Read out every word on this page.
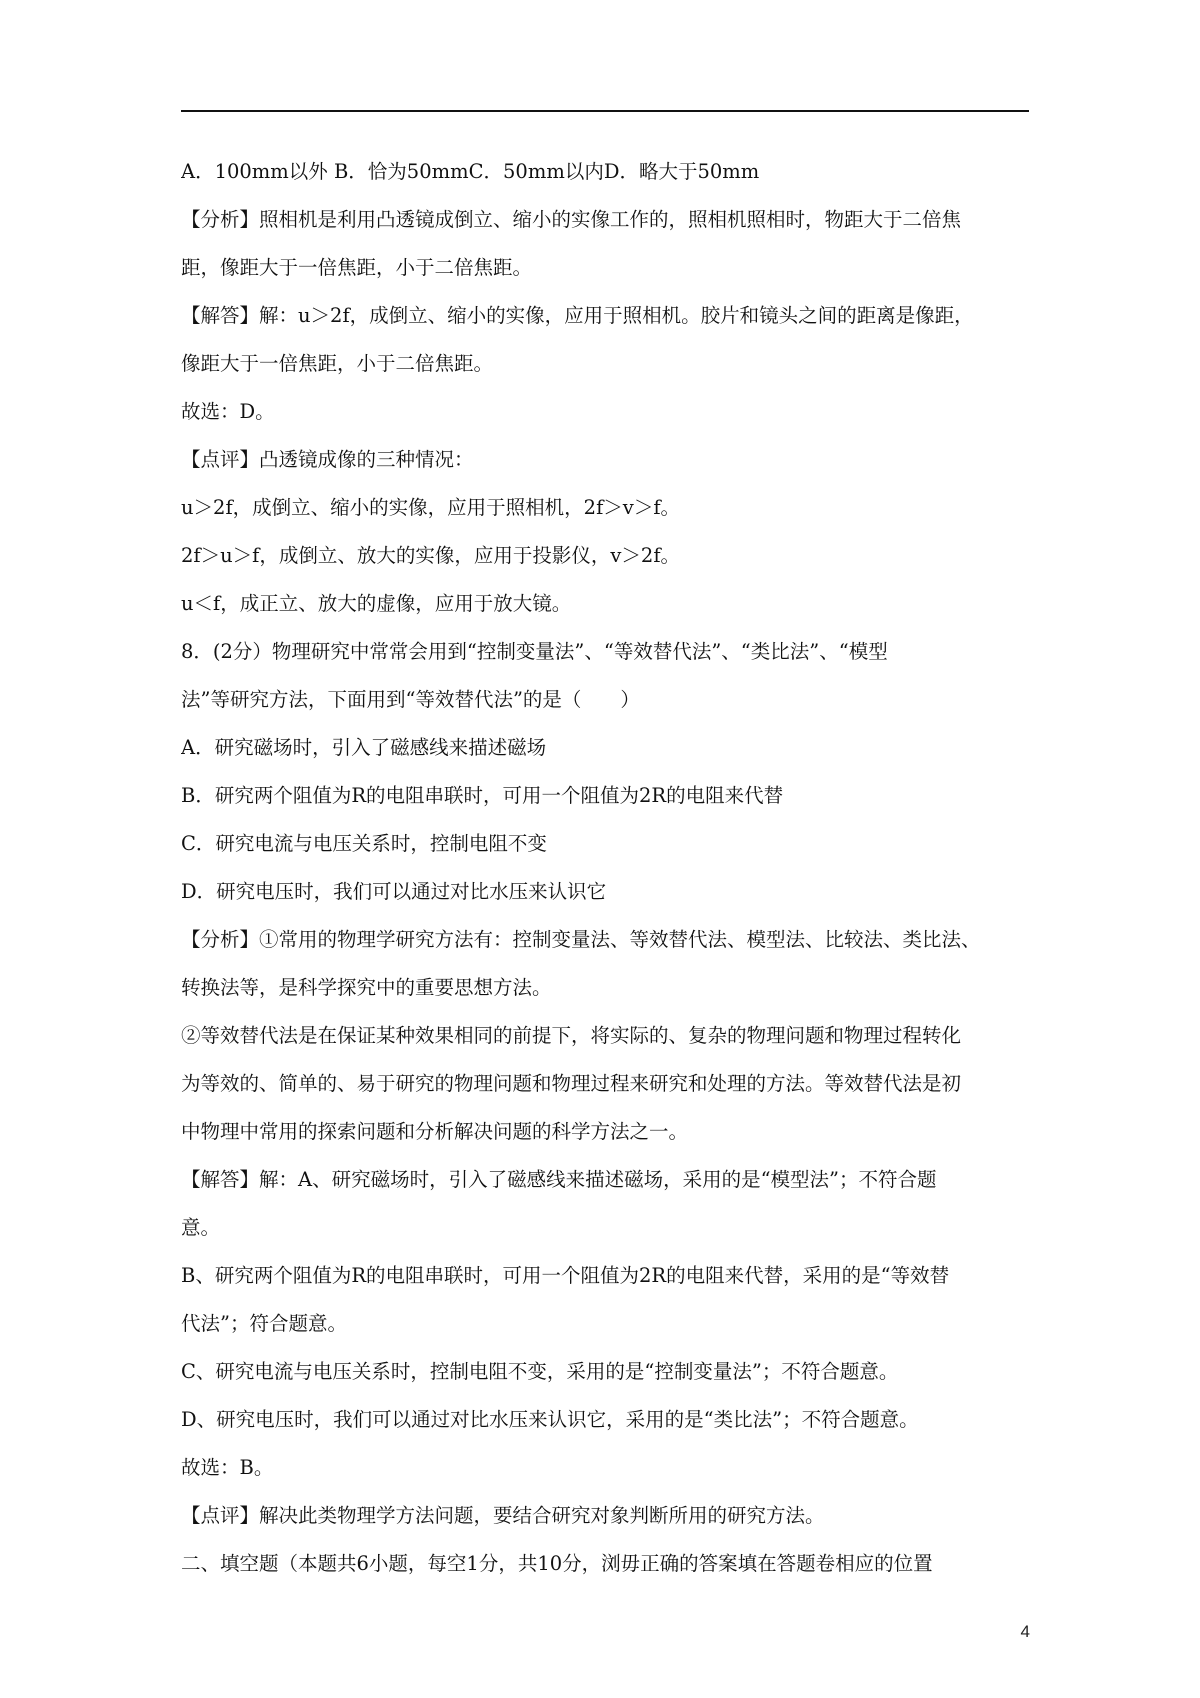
A．100mm以外 B．恰为50mmC．50mm以内D．略大于50mm
【分析】照相机是利用凸透镜成倒立、缩小的实像工作的，照相机照相时，物距大于二倍焦
距，像距大于一倍焦距，小于二倍焦距。
【解答】解：u＞2f，成倒立、缩小的实像，应用于照相机。胶片和镜头之间的距离是像距，
像距大于一倍焦距，小于二倍焦距。
故选：D。
【点评】凸透镜成像的三种情况：
u＞2f，成倒立、缩小的实像，应用于照相机，2f＞v＞f。
2f＞u＞f，成倒立、放大的实像，应用于投影仪，v＞2f。
u＜f，成正立、放大的虚像，应用于放大镜。
8．(2分）物理研究中常常会用到“控制变量法”、“等效替代法”、“类比法”、“模型
法”等研究方法，下面用到“等效替代法”的是（　　）
A．研究磁场时，引入了磁感线来描述磁场
B．研究两个阻值为R的电阻串联时，可用一个阻值为2R的电阻来代替
C．研究电流与电压关系时，控制电阻不变
D．研究电压时，我们可以通过对比水压来认识它
【分析】①常用的物理学研究方法有：控制变量法、等效替代法、模型法、比较法、类比法、
转换法等，是科学探究中的重要思想方法。
②等效替代法是在保证某种效果相同的前提下，将实际的、复杂的物理问题和物理过程转化
为等效的、简单的、易于研究的物理问题和物理过程来研究和处理的方法。等效替代法是初
中物理中常用的探索问题和分析解决问题的科学方法之一。
【解答】解：A、研究磁场时，引入了磁感线来描述磁场，采用的是“模型法”；不符合题
意。
B、研究两个阻值为R的电阻串联时，可用一个阻值为2R的电阻来代替，采用的是“等效替
代法”；符合题意。
C、研究电流与电压关系时，控制电阻不变，采用的是“控制变量法”；不符合题意。
D、研究电压时，我们可以通过对比水压来认识它，采用的是“类比法”；不符合题意。
故选：B。
【点评】解决此类物理学方法问题，要结合研究对象判断所用的研究方法。
二、填空题（本题共6小题，每空1分，共10分，浏毋正确的答案填在答题卷相应的位置
4
